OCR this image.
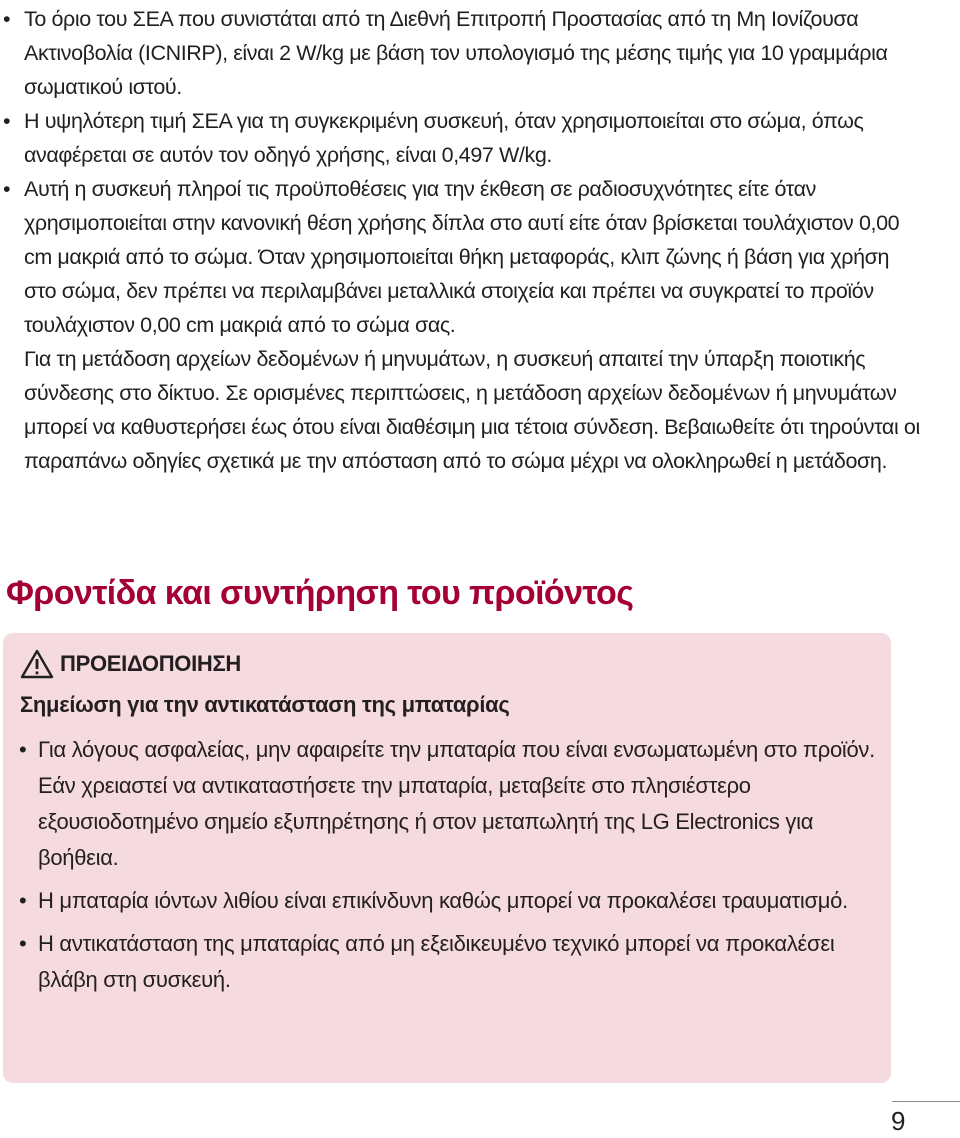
• Το όριο του ΣΕΑ που συνιστάται από τη Διεθνή Επιτροπή Προστασίας από τη Μη Ιονίζουσα Ακτινοβολία (ICNIRP), είναι 2 W/kg με βάση τον υπολογισμό της μέσης τιμής για 10 γραμμάρια σωματικού ιστού.
• Η υψηλότερη τιμή ΣΕΑ για τη συγκεκριμένη συσκευή, όταν χρησιμοποιείται στο σώμα, όπως αναφέρεται σε αυτόν τον οδηγό χρήσης, είναι 0,497 W/kg.
• Αυτή η συσκευή πληροί τις προϋποθέσεις για την έκθεση σε ραδιοσυχνότητες είτε όταν χρησιμοποιείται στην κανονική θέση χρήσης δίπλα στο αυτί είτε όταν βρίσκεται τουλάχιστον 0,00 cm μακριά από το σώμα. Όταν χρησιμοποιείται θήκη μεταφοράς, κλιπ ζώνης ή βάση για χρήση στο σώμα, δεν πρέπει να περιλαμβάνει μεταλλικά στοιχεία και πρέπει να συγκρατεί το προϊόν τουλάχιστον 0,00 cm μακριά από το σώμα σας.
Για τη μετάδοση αρχείων δεδομένων ή μηνυμάτων, η συσκευή απαιτεί την ύπαρξη ποιοτικής σύνδεσης στο δίκτυο. Σε ορισμένες περιπτώσεις, η μετάδοση αρχείων δεδομένων ή μηνυμάτων μπορεί να καθυστερήσει έως ότου είναι διαθέσιμη μια τέτοια σύνδεση. Βεβαιωθείτε ότι τηρούνται οι παραπάνω οδηγίες σχετικά με την απόσταση από το σώμα μέχρι να ολοκληρωθεί η μετάδοση.
Φροντίδα και συντήρηση του προϊόντος
ΠΡΟΕΙΔΟΠΟΙΗΣΗ
Σημείωση για την αντικατάσταση της μπαταρίας
• Για λόγους ασφαλείας, μην αφαιρείτε την μπαταρία που είναι ενσωματωμένη στο προϊόν.
Εάν χρειαστεί να αντικαταστήσετε την μπαταρία, μεταβείτε στο πλησιέστερο εξουσιοδοτημένο σημείο εξυπηρέτησης ή στον μεταπωλητή της LG Electronics για βοήθεια.
• Η μπαταρία ιόντων λιθίου είναι επικίνδυνη καθώς μπορεί να προκαλέσει τραυματισμό.
• Η αντικατάσταση της μπαταρίας από μη εξειδικευμένο τεχνικό μπορεί να προκαλέσει βλάβη στη συσκευή.
9
